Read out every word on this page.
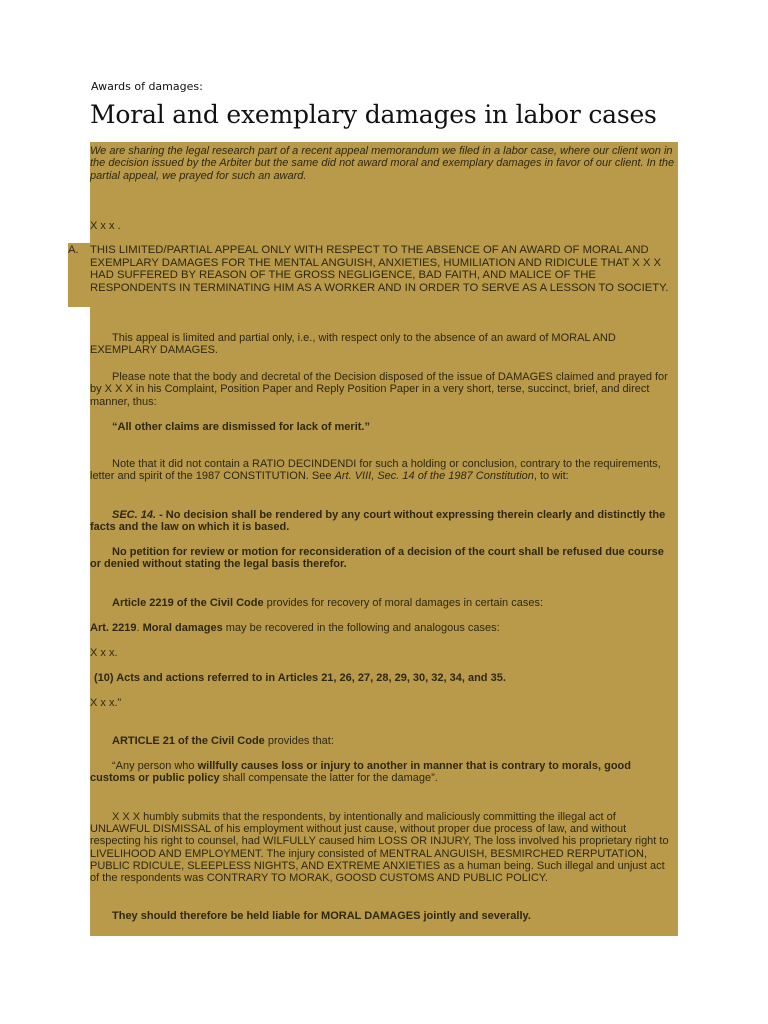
Awards of damages:
Moral and exemplary damages in labor cases

We are sharing the legal research part of a recent appeal memorandum we filed in a labor case, where our client won in the decision issued by the Arbiter but the same did not award moral and exemplary damages in favor of our client. In the partial appeal, we prayed for such an award.

X x x .

A. THIS LIMITED/PARTIAL APPEAL ONLY WITH RESPECT TO THE ABSENCE OF AN AWARD OF MORAL AND EXEMPLARY DAMAGES FOR THE MENTAL ANGUISH, ANXIETIES, HUMILIATION AND RIDICULE THAT X X X HAD SUFFERED BY REASON OF THE GROSS NEGLIGENCE, BAD FAITH, AND MALICE OF THE RESPONDENTS IN TERMINATING HIM AS A WORKER AND IN ORDER TO SERVE AS A LESSON TO SOCIETY.

This appeal is limited and partial only, i.e., with respect only to the absence of an award of MORAL AND EXEMPLARY DAMAGES.

Please note that the body and decretal of the Decision disposed of the issue of DAMAGES claimed and prayed for by X X X in his Complaint, Position Paper and Reply Position Paper in a very short, terse, succinct, brief, and direct manner, thus:

“All other claims are dismissed for lack of merit.”

Note that it did not contain a RATIO DECINDENDI for such a holding or conclusion, contrary to the requirements, letter and spirit of the 1987 CONSTITUTION. See Art. VIII, Sec. 14 of the 1987 Constitution, to wit:

SEC. 14. - No decision shall be rendered by any court without expressing therein clearly and distinctly the facts and the law on which it is based.

No petition for review or motion for reconsideration of a decision of the court shall be refused due course or denied without stating the legal basis therefor.

Article 2219 of the Civil Code provides for recovery of moral damages in certain cases:

Art. 2219. Moral damages may be recovered in the following and analogous cases:

X x x.

(10) Acts and actions referred to in Articles 21, 26, 27, 28, 29, 30, 32, 34, and 35.

X x x.”

ARTICLE 21 of the Civil Code provides that:

“Any person who willfully causes loss or injury to another in manner that is contrary to morals, good customs or public policy shall compensate the latter for the damage”.

X X X humbly submits that the respondents, by intentionally and maliciously committing the illegal act of UNLAWFUL DISMISSAL of his employment without just cause, without proper due process of law, and without respecting his right to counsel, had WILFULLY caused him LOSS OR INJURY, The loss involved his proprietary right to LIVELIHOOD AND EMPLOYMENT. The injury consisted of MENTRAL ANGUISH, BESMIRCHED RERPUTATION, PUBLIC RDICULE, SLEEPLESS NIGHTS, AND EXTREME ANXIETIES as a human being. Such illegal and unjust act of the respondents was CONTRARY TO MORAK, GOOSD CUSTOMS AND PUBLIC POLICY.

They should therefore be held liable for MORAL DAMAGES jointly and severally.
